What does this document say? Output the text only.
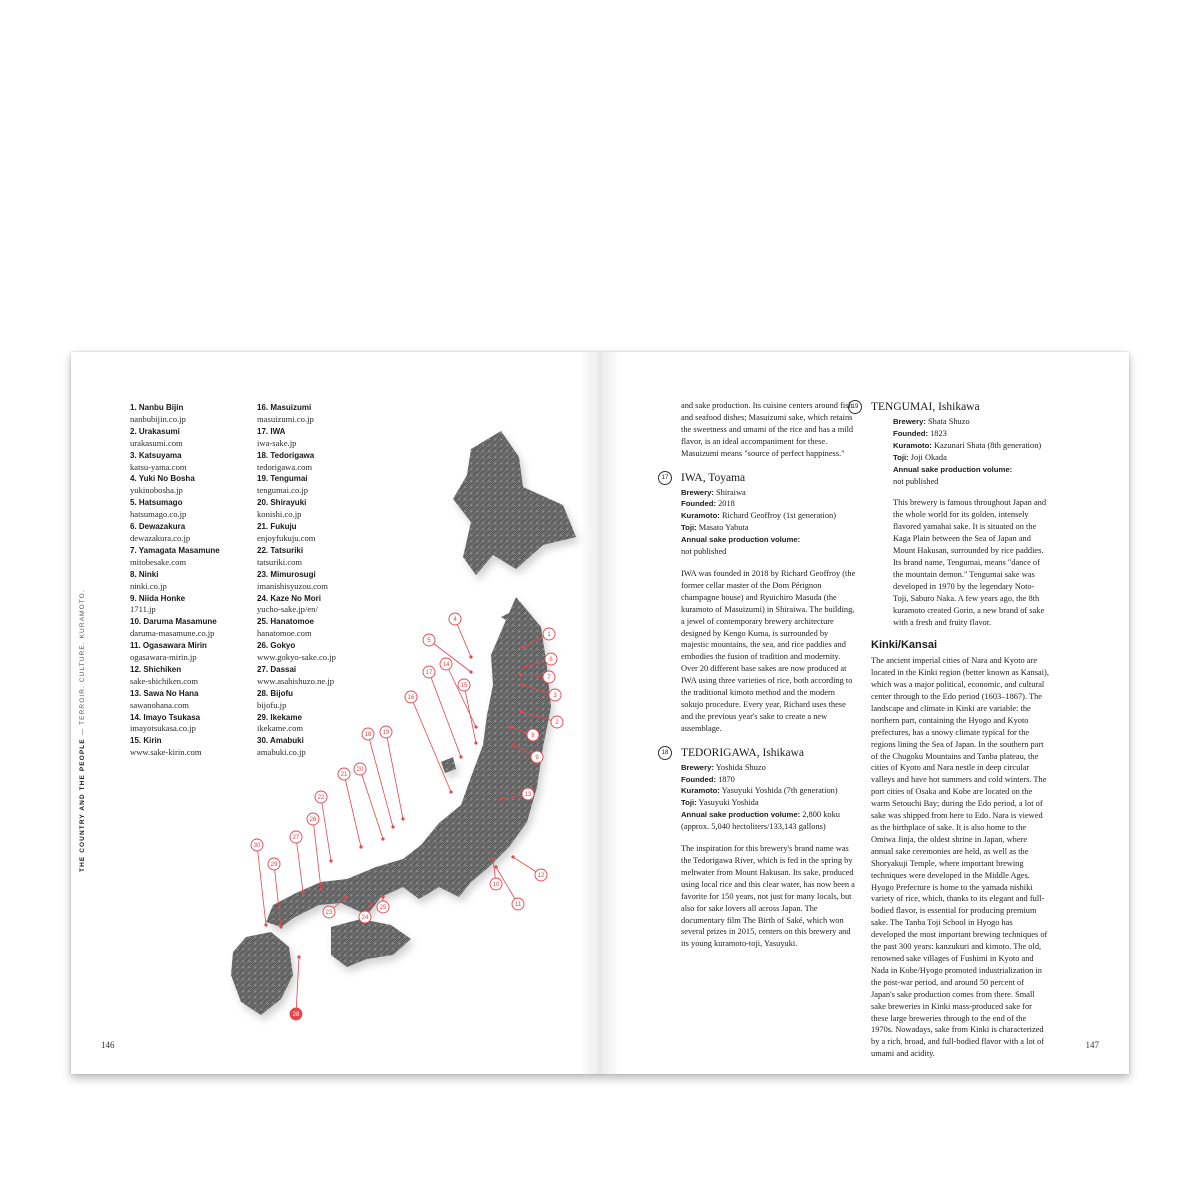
THE COUNTRY AND THE PEOPLE — TERROIR. CULTURE. KURAMOTO.
1. Nanbu Bijin
nanbubijin.co.jp
2. Urakasumi
urakasumi.com
3. Katsuyama
katsu-yama.com
4. Yuki No Bosha
yukinobosha.jp
5. Hatsumago
hatsumago.co.jp
6. Dewazakura
dewazakura.co.jp
7. Yamagata Masamune
mitobesake.com
8. Ninki
ninki.co.jp
9. Niida Honke
1711.jp
10. Daruma Masamune
daruma-masamune.co.jp
11. Ogasawara Mirin
ogasawara-mirin.jp
12. Shichiken
sake-shichiken.com
13. Sawa No Hana
sawanohana.com
14. Imayo Tsukasa
imayotsukasa.co.jp
15. Kirin
www.sake-kirin.com
16. Masuizumi
masuizumi.co.jp
17. IWA
iwa-sake.jp
18. Tedorigawa
tedorigawa.com
19. Tengumai
tengumai.co.jp
20. Shirayuki
konishi.co.jp
21. Fukuju
enjoyfukuju.com
22. Tatsuriki
tatsuriki.com
23. Mimurosugi
imanishisyuzou.com
24. Kaze No Mori
yucho-sake.jp/en/
25. Hanatomoe
hanatomoe.com
26. Gokyo
www.gokyo-sake.co.jp
27. Dassai
www.asahishuzo.ne.jp
28. Bijofu
bijofu.jp
29. Ikekame
ikekame.com
30. Amabuki
amabuki.co.jp
1
2
3
4
5
6
7
8
9
10
11
12
13
14
15
16
17
18 19
20
21
22
23
24
25
26
27
28
29
30
146

and sake production. Its cuisine centers around fish and seafood dishes; Masuizumi sake, which retains the sweetness and umami of the rice and has a mild flavor, is an ideal accompaniment for these. Masuizumi means "source of perfect happiness."

17	IWA, Toyama
Brewery: Shiraiwa
Founded: 2018
Kuramoto: Richard Geoffroy (1st generation)
Toji: Masato Yabuta
Annual sake production volume:
not published

IWA was founded in 2018 by Richard Geoffroy (the former cellar master of the Dom Pérignon champagne house) and Ryuichiro Masuda (the kuramoto of Masuizumi) in Shiraiwa. The building, a jewel of contemporary brewery architecture designed by Kengo Kuma, is surrounded by majestic mountains, the sea, and rice paddies and embodies the fusion of tradition and modernity. Over 20 different base sakes are now produced at IWA using three varieties of rice, both according to the traditional kimoto method and the modern sokujo procedure. Every year, Richard uses these and the previous year's sake to create a new assemblage.

18	TEDORIGAWA, Ishikawa
Brewery: Yoshida Shuzo
Founded: 1870
Kuramoto: Yasuyuki Yoshida (7th generation)
Toji: Yasuyuki Yoshida
Annual sake production volume: 2,800 koku (approx. 5,040 hectoliters/133,143 gallons)

The inspiration for this brewery's brand name was the Tedorigawa River, which is fed in the spring by meltwater from Mount Hakusan. Its sake, produced using local rice and this clear water, has now been a favorite for 150 years, not just for many locals, but also for sake lovers all across Japan. The documentary film The Birth of Saké, which won several prizes in 2015, centers on this brewery and its young kuramoto-toji, Yasuyuki.

19	TENGUMAI, Ishikawa
Brewery: Shata Shuzo
Founded: 1823
Kuramoto: Kazunari Shata (8th generation)
Toji: Joji Okada
Annual sake production volume:
not published

This brewery is famous throughout Japan and the whole world for its golden, intensely flavored yamahai sake. It is situated on the Kaga Plain between the Sea of Japan and Mount Hakusan, surrounded by rice paddies. Its brand name, Tengumai, means "dance of the mountain demon." Tengumai sake was developed in 1970 by the legendary Noto-Toji, Saburo Naka. A few years ago, the 8th kuramoto created Gorin, a new brand of sake with a fresh and fruity flavor.

Kinki/Kansai

The ancient imperial cities of Nara and Kyoto are located in the Kinki region (better known as Kansai), which was a major political, economic, and cultural center through to the Edo period (1603–1867). The landscape and climate in Kinki are variable: the northern part, containing the Hyogo and Kyoto prefectures, has a snowy climate typical for the regions lining the Sea of Japan. In the southern part of the Chugoku Mountains and Tanba plateau, the cities of Kyoto and Nara nestle in deep circular valleys and have hot summers and cold winters. The port cities of Osaka and Kobe are located on the warm Setouchi Bay; during the Edo period, a lot of sake was shipped from here to Edo. Nara is viewed as the birthplace of sake. It is also home to the Omiwa Jinja, the oldest shrine in Japan, where annual sake ceremonies are held, as well as the Shoryakuji Temple, where important brewing techniques were developed in the Middle Ages. Hyogo Prefecture is home to the yamada nishiki variety of rice, which, thanks to its elegant and full-bodied flavor, is essential for producing premium sake. The Tanba Toji School in Hyogo has developed the most important brewing techniques of the past 300 years: kanzukuri and kimoto. The old, renowned sake villages of Fushimi in Kyoto and Nada in Kobe/Hyogo promoted industrialization in the post-war period, and around 50 percent of Japan's sake production comes from there. Small sake breweries in Kinki mass-produced sake for these large breweries through to the end of the 1970s. Nowadays, sake from Kinki is characterized by a rich, broad, and full-bodied flavor with a lot of umami and acidity.

147
